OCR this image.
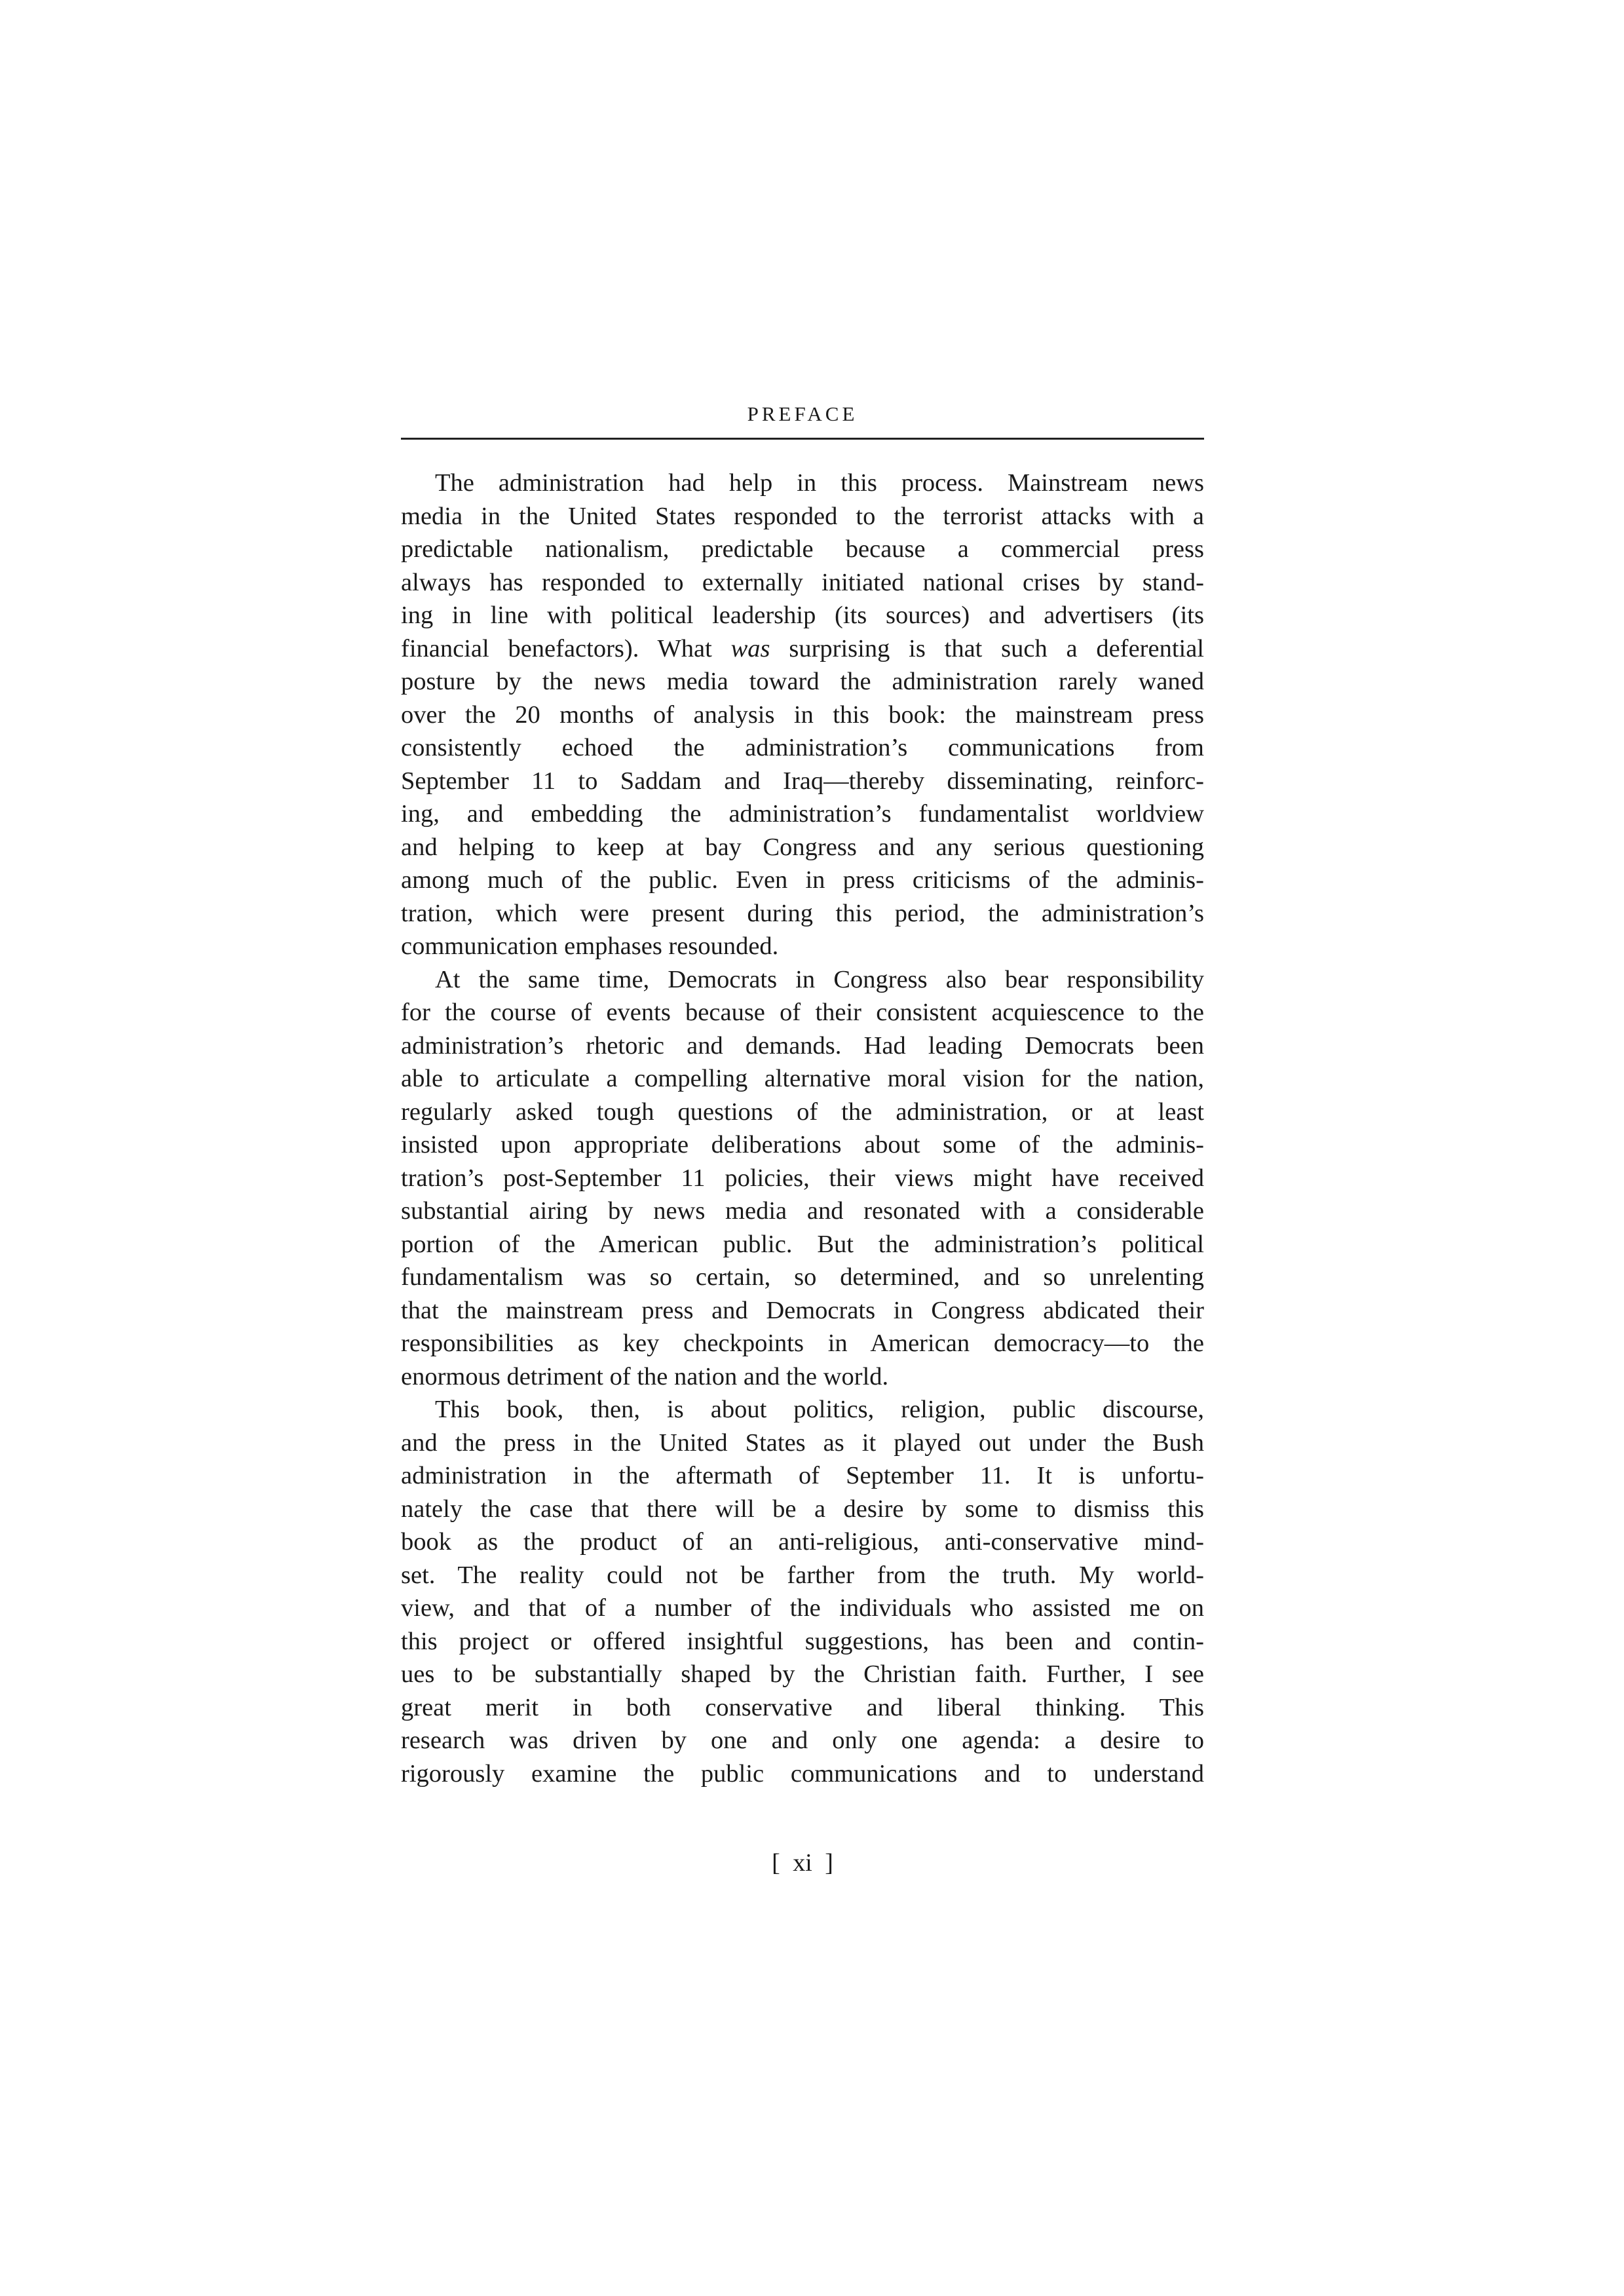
PREFACE
The administration had help in this process. Mainstream news
media in the United States responded to the terrorist attacks with a
predictable nationalism, predictable because a commercial press
always has responded to externally initiated national crises by stand-
ing in line with political leadership (its sources) and advertisers (its
financial benefactors). What was surprising is that such a deferential
posture by the news media toward the administration rarely waned
over the 20 months of analysis in this book: the mainstream press
consistently echoed the administration’s communications from
September 11 to Saddam and Iraq—thereby disseminating, reinforc-
ing, and embedding the administration’s fundamentalist worldview
and helping to keep at bay Congress and any serious questioning
among much of the public. Even in press criticisms of the adminis-
tration, which were present during this period, the administration’s
communication emphases resounded.
At the same time, Democrats in Congress also bear responsibility
for the course of events because of their consistent acquiescence to the
administration’s rhetoric and demands. Had leading Democrats been
able to articulate a compelling alternative moral vision for the nation,
regularly asked tough questions of the administration, or at least
insisted upon appropriate deliberations about some of the adminis-
tration’s post-September 11 policies, their views might have received
substantial airing by news media and resonated with a considerable
portion of the American public. But the administration’s political
fundamentalism was so certain, so determined, and so unrelenting
that the mainstream press and Democrats in Congress abdicated their
responsibilities as key checkpoints in American democracy—to the
enormous detriment of the nation and the world.
This book, then, is about politics, religion, public discourse,
and the press in the United States as it played out under the Bush
administration in the aftermath of September 11. It is unfortu-
nately the case that there will be a desire by some to dismiss this
book as the product of an anti-religious, anti-conservative mind-
set. The reality could not be farther from the truth. My world-
view, and that of a number of the individuals who assisted me on
this project or offered insightful suggestions, has been and contin-
ues to be substantially shaped by the Christian faith. Further, I see
great merit in both conservative and liberal thinking. This
research was driven by one and only one agenda: a desire to
rigorously examine the public communications and to understand
[ xi ]
